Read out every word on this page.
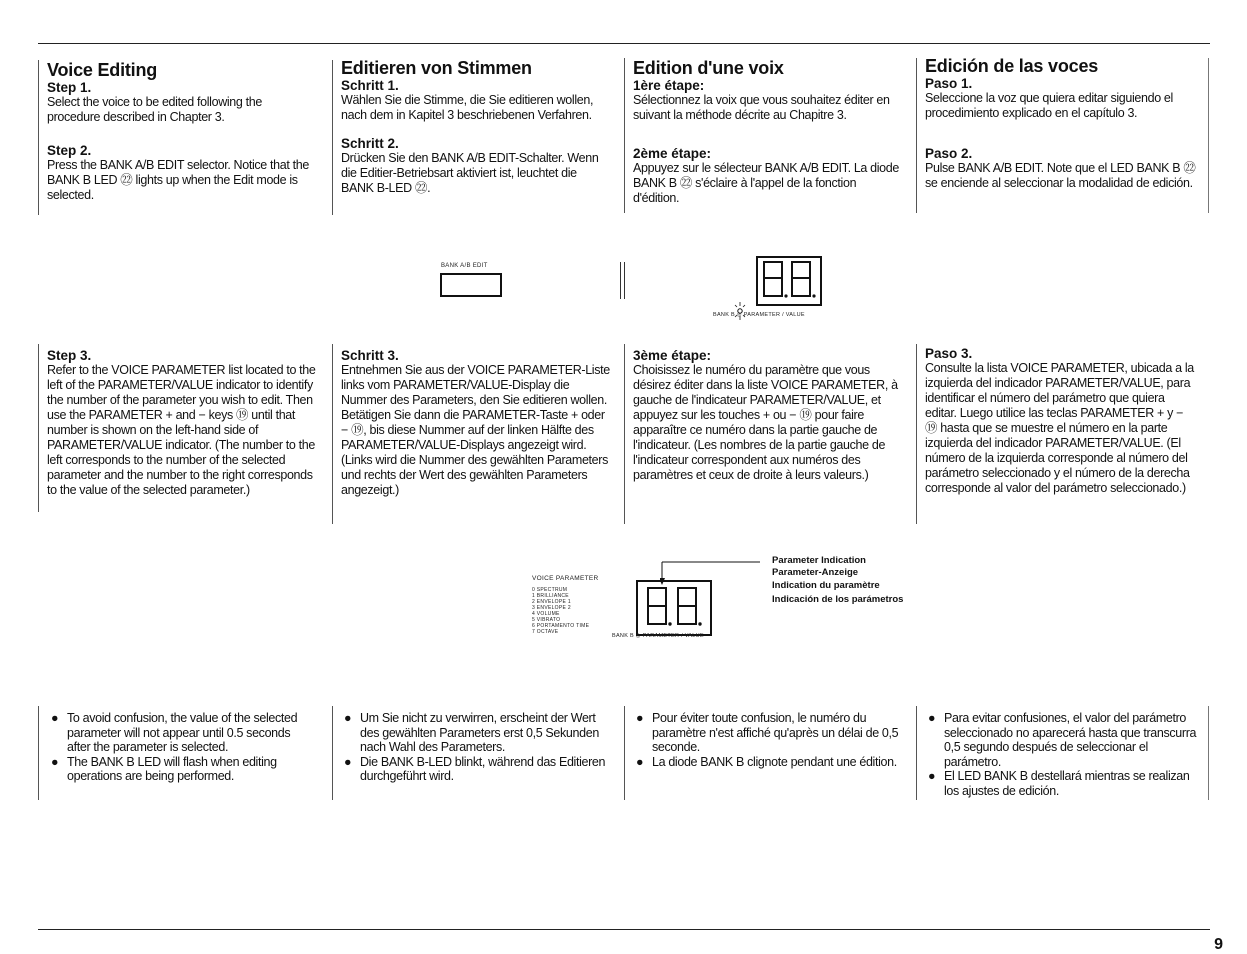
Voice Editing

Step 1.

Select the voice to be edited following the procedure described in Chapter 3.

Step 2.

Press the BANK A/B EDIT selector. Notice that the BANK B LED ㉒ lights up when the Edit mode is selected.

Editieren von Stimmen

Schritt 1.

Wählen Sie die Stimme, die Sie editieren wollen, nach dem in Kapitel 3 beschriebenen Verfahren.

Schritt 2.

Drücken Sie den BANK A/B EDIT-Schalter. Wenn die Editier-Betriebsart aktiviert ist, leuchtet die BANK B-LED ㉒.

Edition d'une voix

1ère étape:

Sélectionnez la voix que vous souhaitez éditer en suivant la méthode décrite au Chapitre 3.

2ème étape:

Appuyez sur le sélecteur BANK A/B EDIT. La diode BANK B ㉒ s'éclaire à l'appel de la fonction d'édition.

Edición de las voces

Paso 1.

Seleccione la voz que quiera editar siguiendo el procedimiento explicado en el capítulo 3.

Paso 2.

Pulse BANK A/B EDIT. Note que el LED BANK B ㉒ se enciende al seleccionar la modalidad de edición.

BANK A/B EDIT
BANK B ◎ PARAMETER / VALUE

Step 3.

Refer to the VOICE PARAMETER list located to the left of the PARAMETER/VALUE indicator to identify the number of the parameter you wish to edit. Then use the PARAMETER + and − keys ⑲ until that number is shown on the left-hand side of PARAMETER/VALUE indicator. (The number to the left corresponds to the number of the selected parameter and the number to the right corresponds to the value of the selected parameter.)

Schritt 3.

Entnehmen Sie aus der VOICE PARAMETER-Liste links vom PARAMETER/VALUE-Display die Nummer des Parameters, den Sie editieren wollen. Betätigen Sie dann die PARAMETER-Taste + oder − ⑲, bis diese Nummer auf der linken Hälfte des PARAMETER/VALUE-Displays angezeigt wird. (Links wird die Nummer des gewählten Parameters und rechts der Wert des gewählten Parameters angezeigt.)

3ème étape:

Choisissez le numéro du paramètre que vous désirez éditer dans la liste VOICE PARAMETER, à gauche de l'indicateur PARAMETER/VALUE, et appuyez sur les touches + ou − ⑲ pour faire apparaître ce numéro dans la partie gauche de l'indicateur. (Les nombres de la partie gauche de l'indicateur correspondent aux numéros des paramètres et ceux de droite à leurs valeurs.)

Paso 3.

Consulte la lista VOICE PARAMETER, ubicada a la izquierda del indicador PARAMETER/VALUE, para identificar el número del parámetro que quiera editar. Luego utilice las teclas PARAMETER + y − ⑲ hasta que se muestre el número en la parte izquierda del indicador PARAMETER/VALUE. (El número de la izquierda corresponde al número del parámetro seleccionado y el número de la derecha corresponde al valor del parámetro seleccionado.)

VOICE PARAMETER
0 SPECTRUM
1 BRILLIANCE
2 ENVELOPE 1
3 ENVELOPE 2
4 VOLUME
5 VIBRATO
6 PORTAMENTO TIME
7 OCTAVE
BANK B ◎ PARAMETER / VALUE
Parameter Indication
Parameter-Anzeige
Indication du paramètre
Indicación de los parámetros

● To avoid confusion, the value of the selected parameter will not appear until 0.5 seconds after the parameter is selected.

● The BANK B LED will flash when editing operations are being performed.

● Um Sie nicht zu verwirren, erscheint der Wert des gewählten Parameters erst 0,5 Sekunden nach Wahl des Parameters.

● Die BANK B-LED blinkt, während das Editieren durchgeführt wird.

● Pour éviter toute confusion, le numéro du paramètre n'est affiché qu'après un délai de 0,5 seconde.

● La diode BANK B clignote pendant une édition.

● Para evitar confusiones, el valor del parámetro seleccionado no aparecerá hasta que transcurra 0,5 segundo después de seleccionar el parámetro.

● El LED BANK B destellará mientras se realizan los ajustes de edición.

9
